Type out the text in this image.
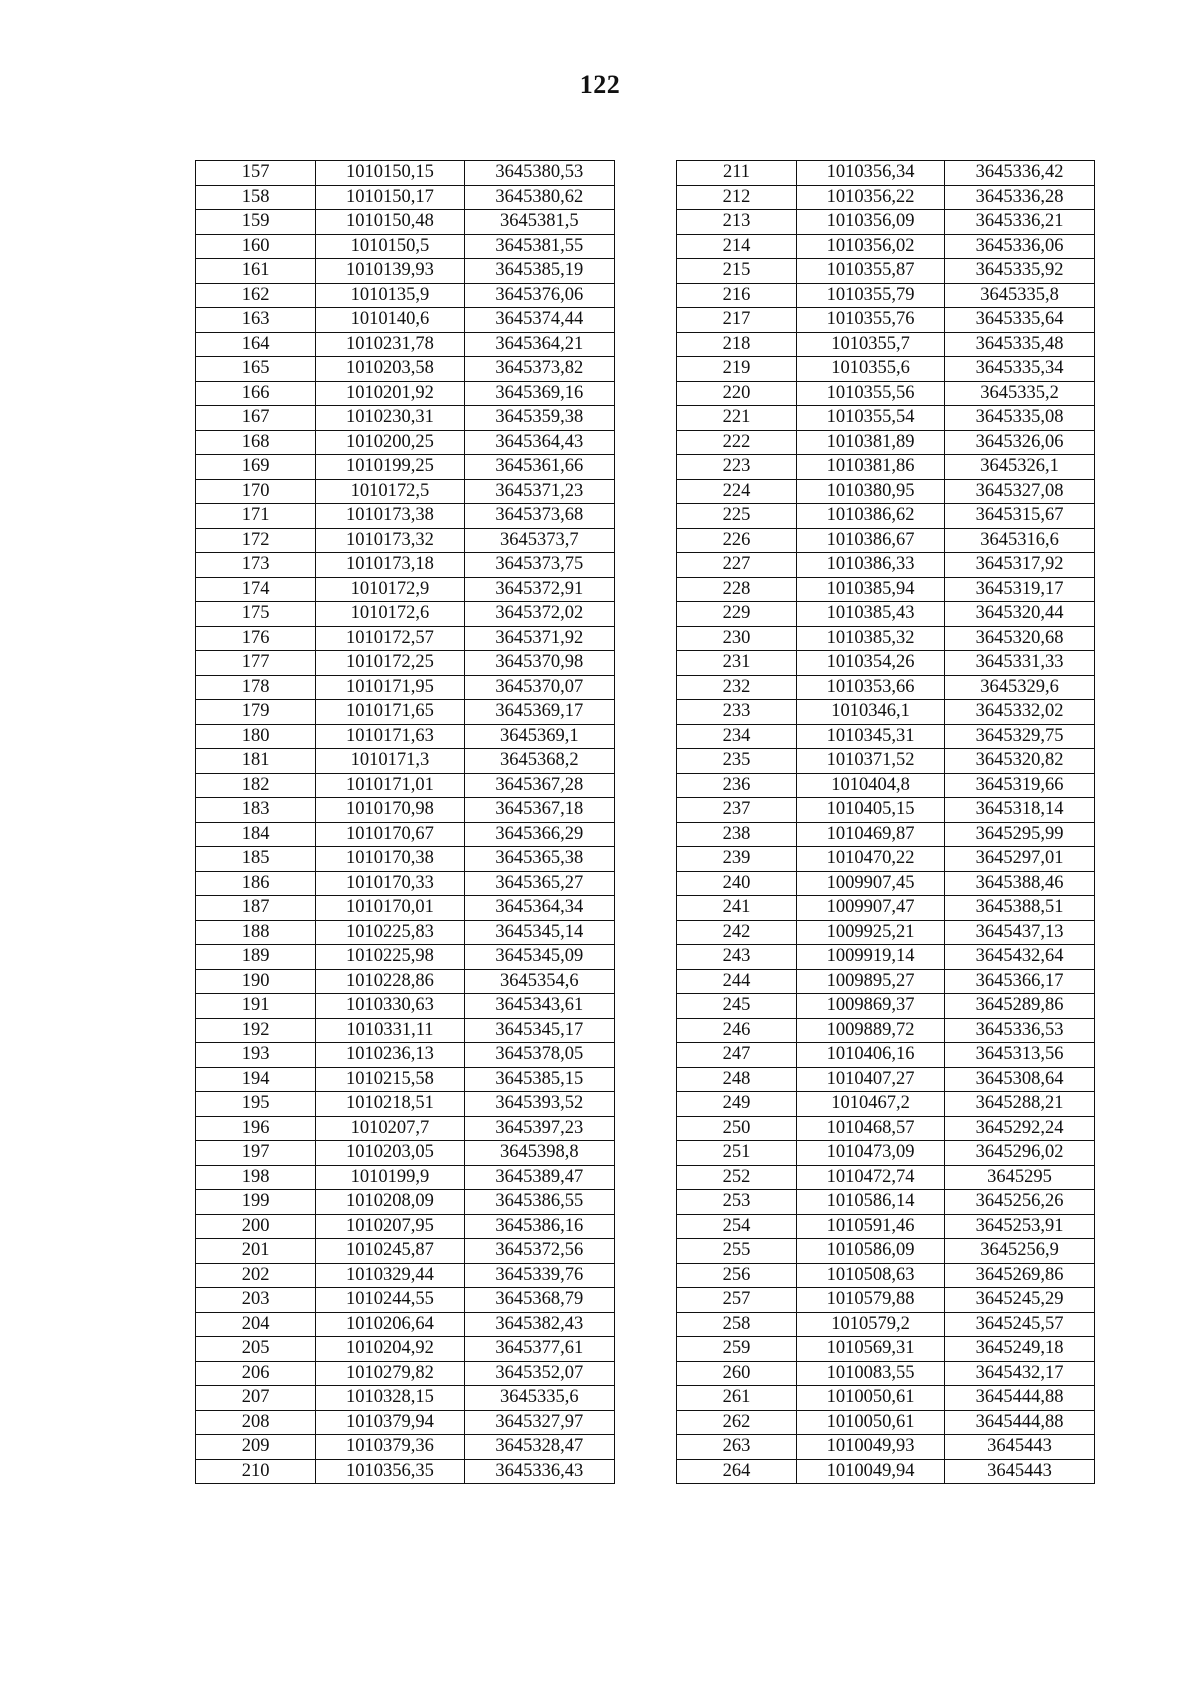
122
157	1010150,15	3645380,53
158	1010150,17	3645380,62
159	1010150,48	3645381,5
160	1010150,5	3645381,55
161	1010139,93	3645385,19
162	1010135,9	3645376,06
163	1010140,6	3645374,44
164	1010231,78	3645364,21
165	1010203,58	3645373,82
166	1010201,92	3645369,16
167	1010230,31	3645359,38
168	1010200,25	3645364,43
169	1010199,25	3645361,66
170	1010172,5	3645371,23
171	1010173,38	3645373,68
172	1010173,32	3645373,7
173	1010173,18	3645373,75
174	1010172,9	3645372,91
175	1010172,6	3645372,02
176	1010172,57	3645371,92
177	1010172,25	3645370,98
178	1010171,95	3645370,07
179	1010171,65	3645369,17
180	1010171,63	3645369,1
181	1010171,3	3645368,2
182	1010171,01	3645367,28
183	1010170,98	3645367,18
184	1010170,67	3645366,29
185	1010170,38	3645365,38
186	1010170,33	3645365,27
187	1010170,01	3645364,34
188	1010225,83	3645345,14
189	1010225,98	3645345,09
190	1010228,86	3645354,6
191	1010330,63	3645343,61
192	1010331,11	3645345,17
193	1010236,13	3645378,05
194	1010215,58	3645385,15
195	1010218,51	3645393,52
196	1010207,7	3645397,23
197	1010203,05	3645398,8
198	1010199,9	3645389,47
199	1010208,09	3645386,55
200	1010207,95	3645386,16
201	1010245,87	3645372,56
202	1010329,44	3645339,76
203	1010244,55	3645368,79
204	1010206,64	3645382,43
205	1010204,92	3645377,61
206	1010279,82	3645352,07
207	1010328,15	3645335,6
208	1010379,94	3645327,97
209	1010379,36	3645328,47
210	1010356,35	3645336,43
211	1010356,34	3645336,42
212	1010356,22	3645336,28
213	1010356,09	3645336,21
214	1010356,02	3645336,06
215	1010355,87	3645335,92
216	1010355,79	3645335,8
217	1010355,76	3645335,64
218	1010355,7	3645335,48
219	1010355,6	3645335,34
220	1010355,56	3645335,2
221	1010355,54	3645335,08
222	1010381,89	3645326,06
223	1010381,86	3645326,1
224	1010380,95	3645327,08
225	1010386,62	3645315,67
226	1010386,67	3645316,6
227	1010386,33	3645317,92
228	1010385,94	3645319,17
229	1010385,43	3645320,44
230	1010385,32	3645320,68
231	1010354,26	3645331,33
232	1010353,66	3645329,6
233	1010346,1	3645332,02
234	1010345,31	3645329,75
235	1010371,52	3645320,82
236	1010404,8	3645319,66
237	1010405,15	3645318,14
238	1010469,87	3645295,99
239	1010470,22	3645297,01
240	1009907,45	3645388,46
241	1009907,47	3645388,51
242	1009925,21	3645437,13
243	1009919,14	3645432,64
244	1009895,27	3645366,17
245	1009869,37	3645289,86
246	1009889,72	3645336,53
247	1010406,16	3645313,56
248	1010407,27	3645308,64
249	1010467,2	3645288,21
250	1010468,57	3645292,24
251	1010473,09	3645296,02
252	1010472,74	3645295
253	1010586,14	3645256,26
254	1010591,46	3645253,91
255	1010586,09	3645256,9
256	1010508,63	3645269,86
257	1010579,88	3645245,29
258	1010579,2	3645245,57
259	1010569,31	3645249,18
260	1010083,55	3645432,17
261	1010050,61	3645444,88
262	1010050,61	3645444,88
263	1010049,93	3645443
264	1010049,94	3645443
